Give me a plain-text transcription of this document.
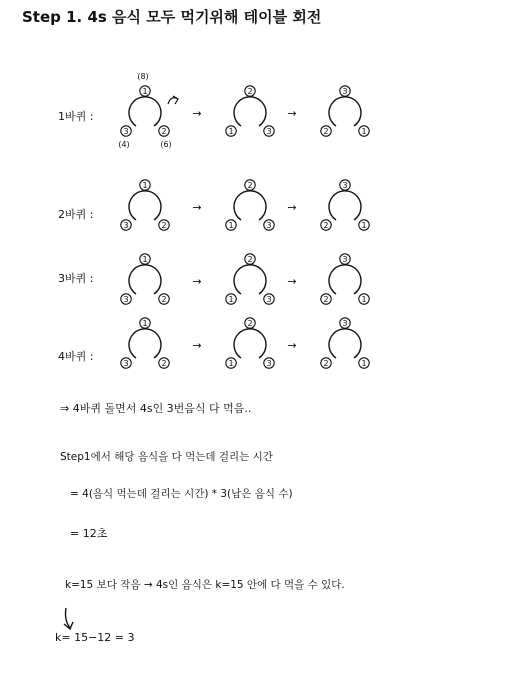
Step 1. 4s 음식 모두 먹기위해 테이블 회전
1
3	2
2
1	3
3
2	1
→	→
1
3	2
2
1	3
3
2	1
→	→
1
3	2
2
1	3
3
2	1
→	→
1
3	2
2
1	3
3
2	1
→	→
(8)
(4)	(6)
1바퀴 :
2바퀴 :
3바퀴 :
4바퀴 :
⇒ 4바퀴 돌면서 4s인 3번음식 다 먹음..
Step1에서 해당 음식을 다 먹는데 걸리는 시간
= 4(음식 먹는데 걸리는 시간) * 3(남은 음식 수)
= 12초
k=15 보다 작음 → 4s인 음식은 k=15 안에 다 먹을 수 있다.
k= 15−12 = 3
